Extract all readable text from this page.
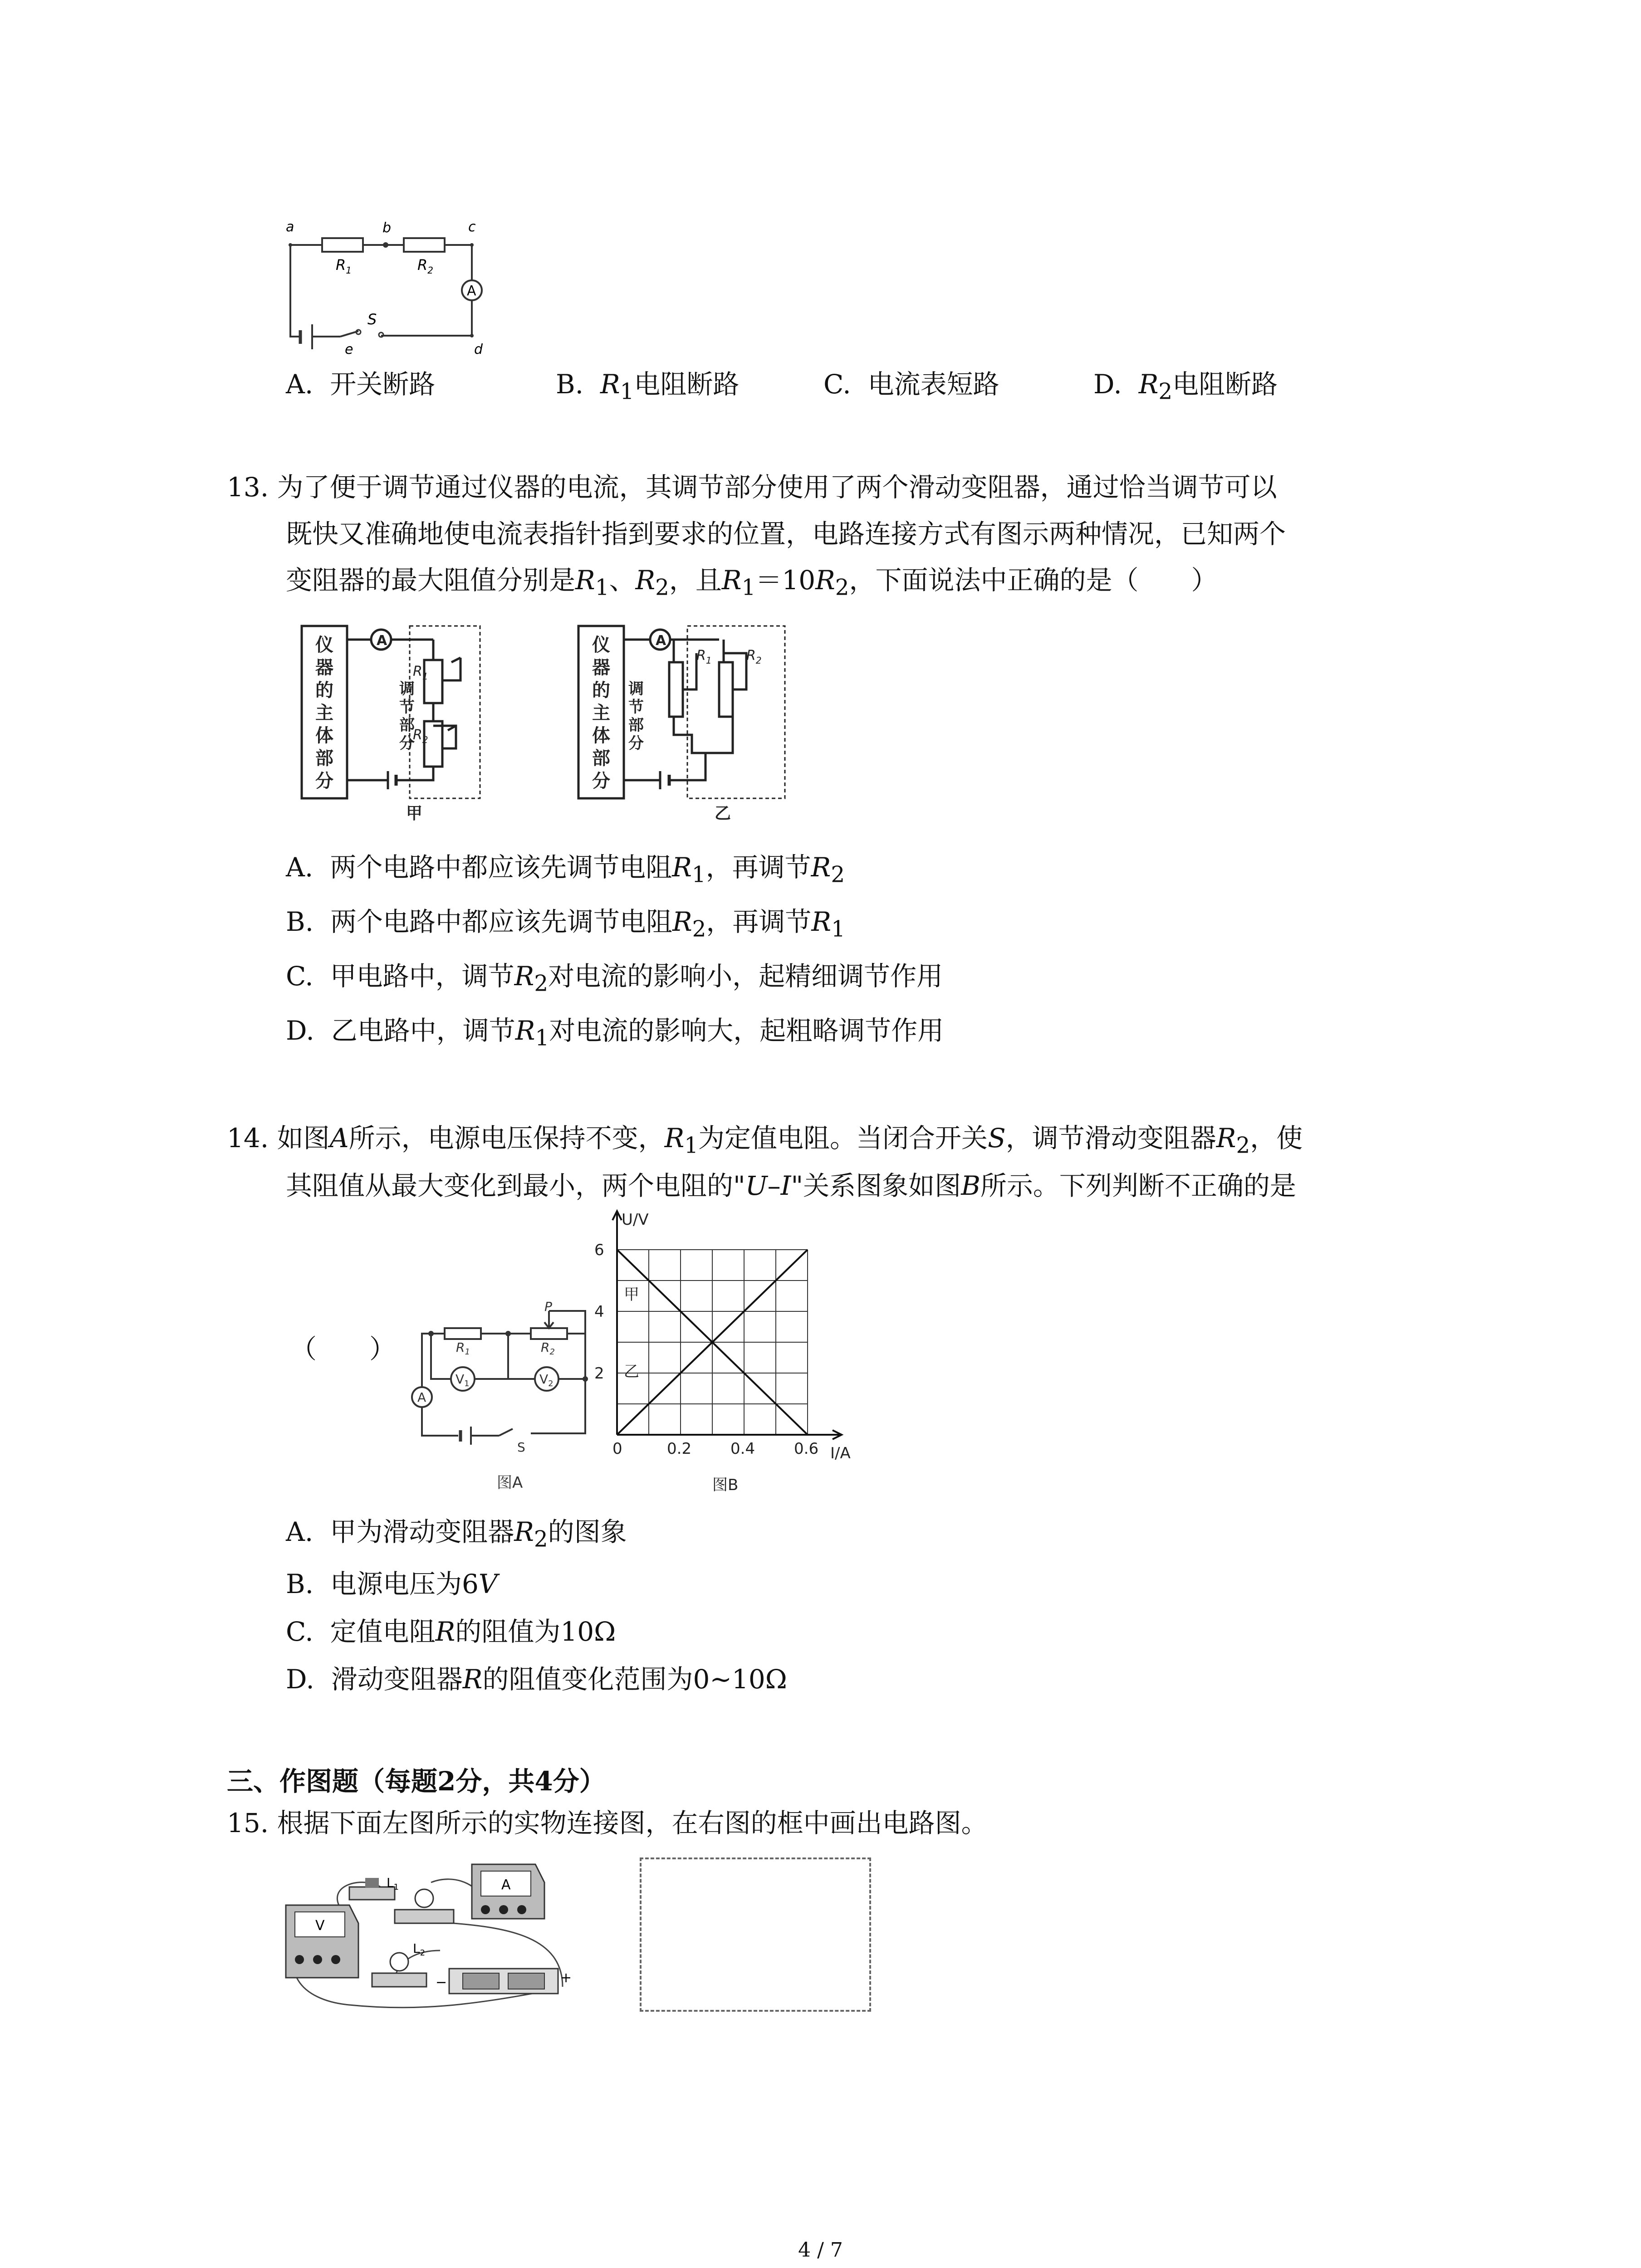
a	b	c
d
e
S
A
$R_1$	$R_2$
A. 开关断路	B. $R_1$电阻断路	C. 电流表短路	D. $R_2$电阻断路
13. 为了便于调节通过仪器的电流，其调节部分使用了两个滑动变阻器，通过恰当调节可以
既快又准确地使电流表指针指到要求的位置，电路连接方式有图示两种情况，已知两个
变阻器的最大阻值分别是$R_1$、$R_2$，且$R_1=10R_2$，下面说法中正确的是（　　）
仪
器
的
主
体
部
分
调
节
部
分
仪
器
的
主
体
部
分
调
节
部
分
A	A
甲	乙
$R_1$
$R_2$
$R_1$	$R_2$
A. 两个电路中都应该先调节电阻$R_1$，再调节$R_2$
B. 两个电路中都应该先调节电阻$R_2$，再调节$R_1$
C. 甲电路中，调节$R_2$对电流的影响小，起精细调节作用
D. 乙电路中，调节$R_1$对电流的影响大，起粗略调节作用
14. 如图A所示，电源电压保持不变，$R_1$为定值电阻。当闭合开关S，调节滑动变阻器$R_2$，使
其阻值从最大变化到最小，两个电阻的"U–I"关系图象如图B所示。下列判断不正确的是
（　　）
P
$R_1$	$R_2$
$V_1$	$V_2$
A
S
图A
U/V
I/A
6
4
2
0	0.2	0.4	0.6
甲
乙
图B
A. 甲为滑动变阻器$R_2$的图象
B. 电源电压为6V
C. 定值电阻R的阻值为10Ω
D. 滑动变阻器R的阻值变化范围为0~10Ω
三、作图题（每题2分，共4分）
15. 根据下面左图所示的实物连接图，在右图的框中画出电路图。
$L_1$	A
V
$L_2$
−	+
4 / 7
